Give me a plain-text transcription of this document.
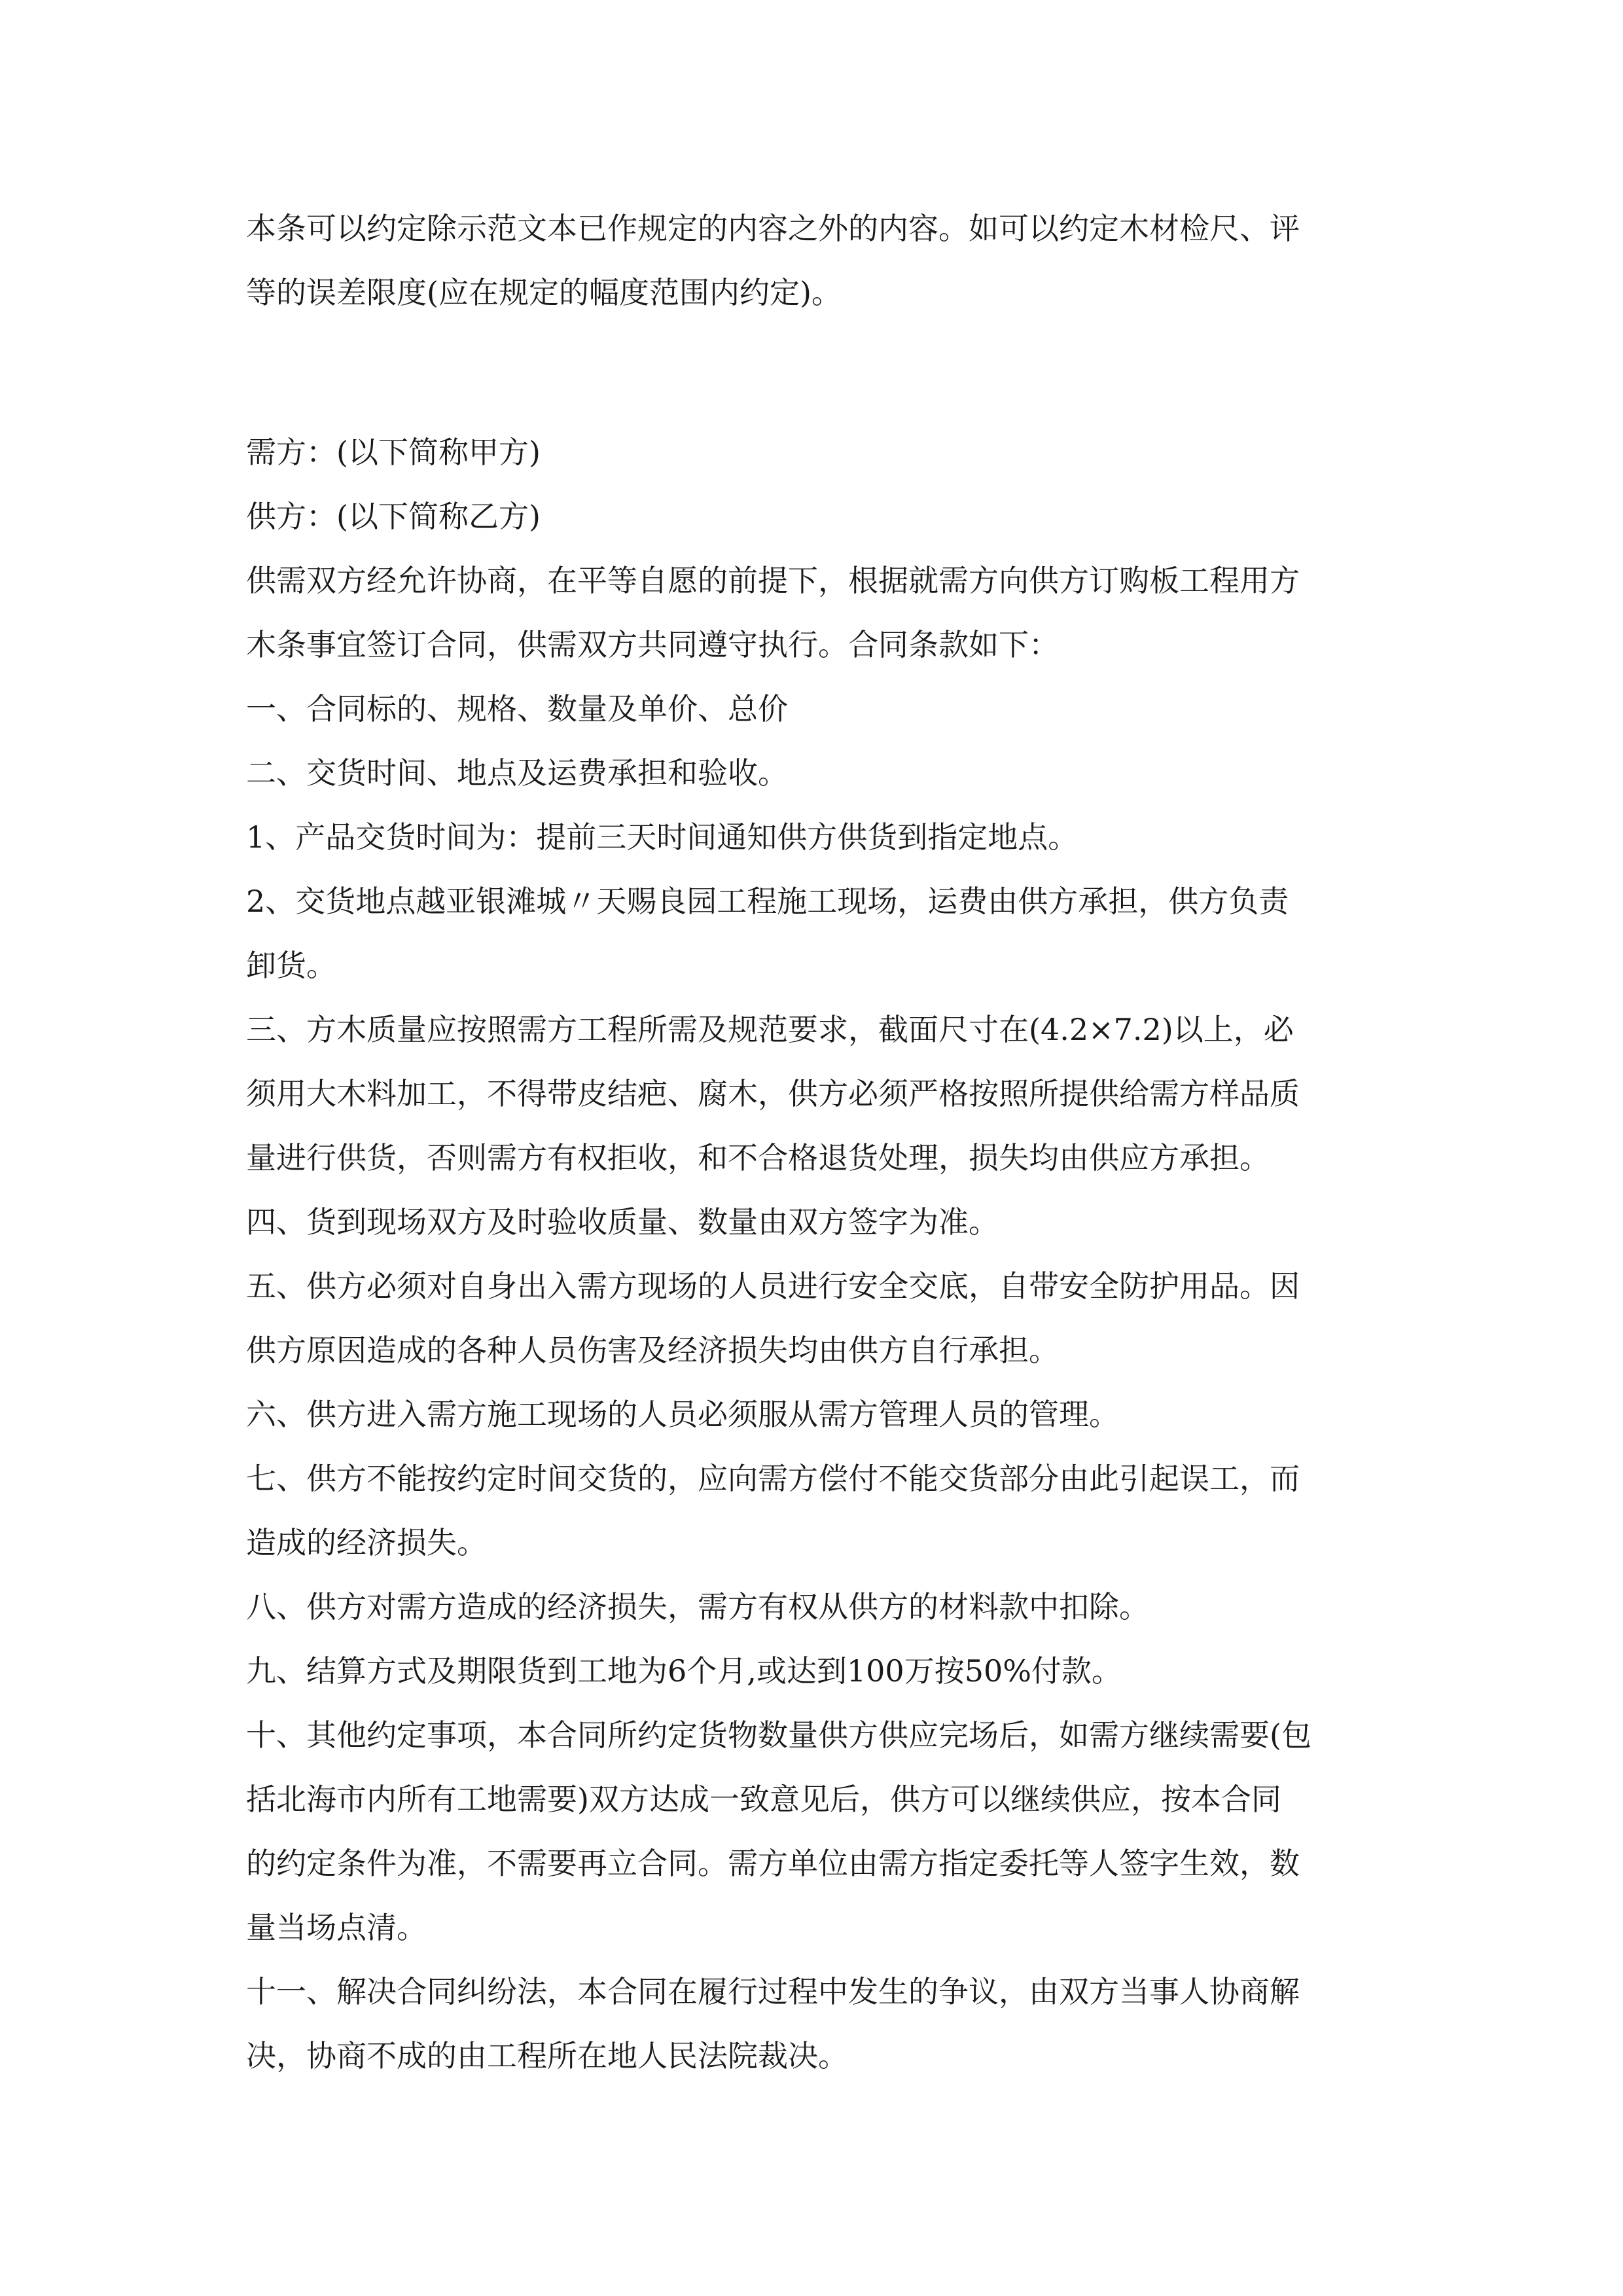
本条可以约定除示范文本已作规定的内容之外的内容。如可以约定木材检尺、评
等的误差限度(应在规定的幅度范围内约定)。
需方：(以下简称甲方)
供方：(以下简称乙方)
供需双方经允许协商，在平等自愿的前提下，根据就需方向供方订购板工程用方
木条事宜签订合同，供需双方共同遵守执行。合同条款如下：
一、合同标的、规格、数量及单价、总价
二、交货时间、地点及运费承担和验收。
1、产品交货时间为：提前三天时间通知供方供货到指定地点。
2、交货地点越亚银滩城〃天赐良园工程施工现场，运费由供方承担，供方负责
卸货。
三、方木质量应按照需方工程所需及规范要求，截面尺寸在(4.2×7.2)以上，必
须用大木料加工，不得带皮结疤、腐木，供方必须严格按照所提供给需方样品质
量进行供货，否则需方有权拒收，和不合格退货处理，损失均由供应方承担。
四、货到现场双方及时验收质量、数量由双方签字为准。
五、供方必须对自身出入需方现场的人员进行安全交底，自带安全防护用品。因
供方原因造成的各种人员伤害及经济损失均由供方自行承担。
六、供方进入需方施工现场的人员必须服从需方管理人员的管理。
七、供方不能按约定时间交货的，应向需方偿付不能交货部分由此引起误工，而
造成的经济损失。
八、供方对需方造成的经济损失，需方有权从供方的材料款中扣除。
九、结算方式及期限货到工地为6个月,或达到100万按50%付款。
十、其他约定事项，本合同所约定货物数量供方供应完场后，如需方继续需要(包
括北海市内所有工地需要)双方达成一致意见后，供方可以继续供应，按本合同
的约定条件为准，不需要再立合同。需方单位由需方指定委托等人签字生效，数
量当场点清。
十一、解决合同纠纷法，本合同在履行过程中发生的争议，由双方当事人协商解
决，协商不成的由工程所在地人民法院裁决。
